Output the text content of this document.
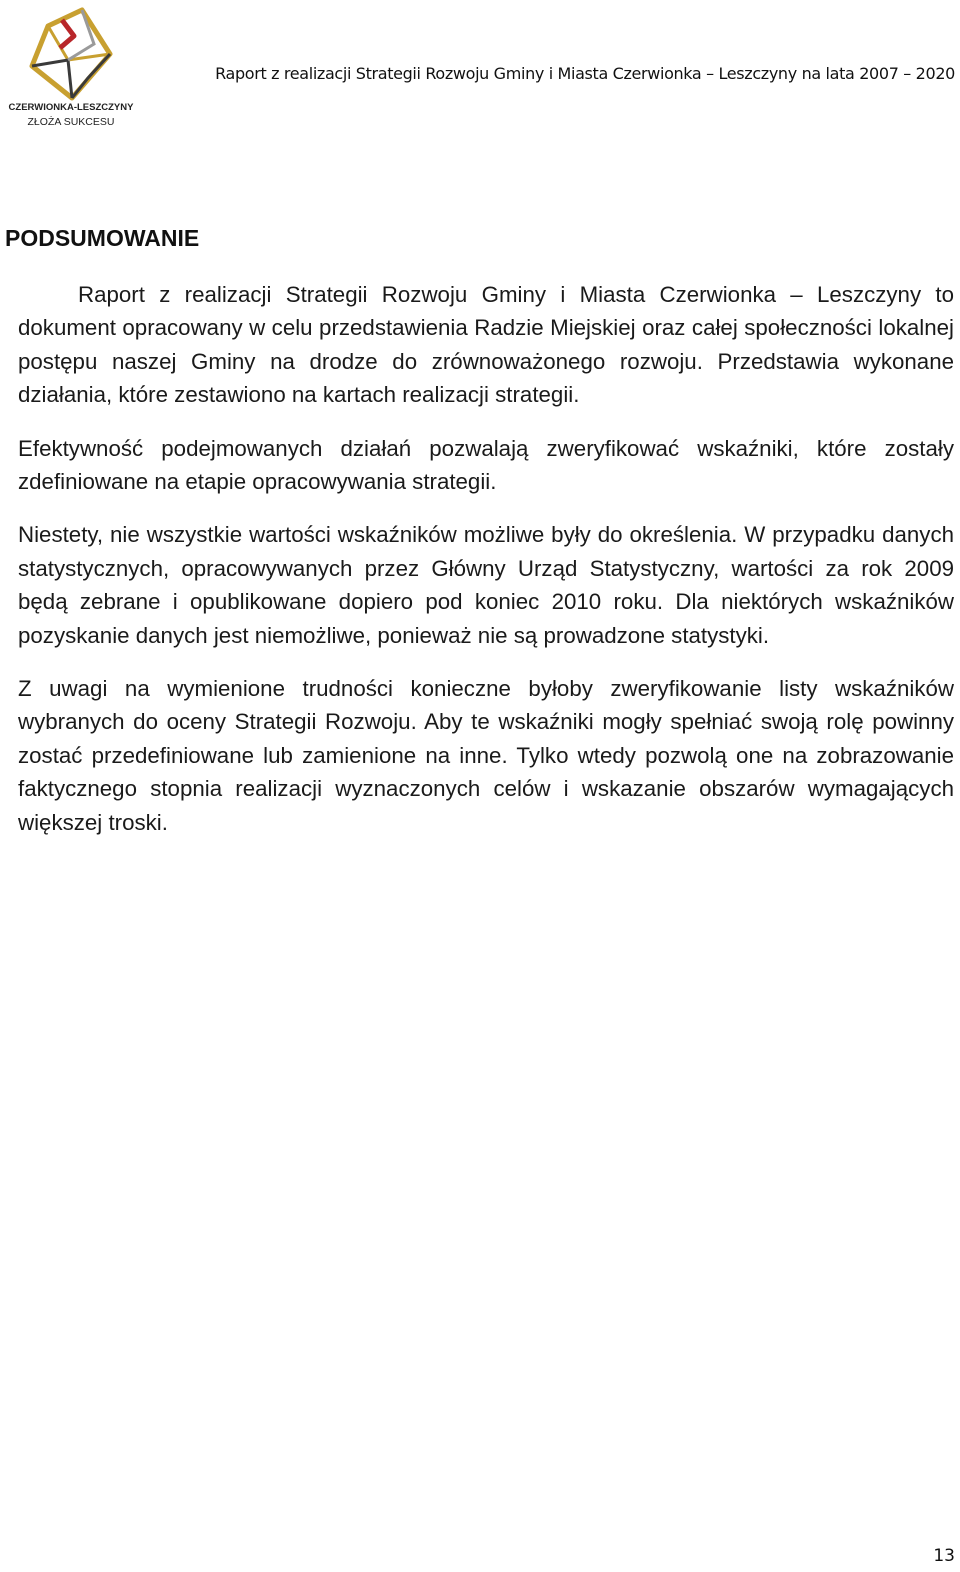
CZERWIONKA-LESZCZYNY
ZŁOŻA SUKCESU
Raport z realizacji Strategii Rozwoju Gminy i Miasta Czerwionka – Leszczyny na lata 2007 – 2020
PODSUMOWANIE

Raport z realizacji Strategii Rozwoju Gminy i Miasta Czerwionka – Leszczyny to dokument opracowany w celu przedstawienia Radzie Miejskiej oraz całej społeczności lokalnej postępu naszej Gminy na drodze do zrównoważonego rozwoju. Przedstawia wykonane działania, które zestawiono na kartach realizacji strategii.

Efektywność podejmowanych działań pozwalają zweryfikować wskaźniki, które zostały zdefiniowane na etapie opracowywania strategii.

Niestety, nie wszystkie wartości wskaźników możliwe były do określenia. W przypadku danych statystycznych, opracowywanych przez Główny Urząd Statystyczny, wartości za rok 2009 będą zebrane i opublikowane dopiero pod koniec 2010 roku. Dla niektórych wskaźników pozyskanie danych jest niemożliwe, ponieważ nie są prowadzone statystyki.

Z uwagi na wymienione trudności konieczne byłoby zweryfikowanie listy wskaźników wybranych do oceny Strategii Rozwoju. Aby te wskaźniki mogły spełniać swoją rolę powinny zostać przedefiniowane lub zamienione na inne. Tylko wtedy pozwolą one na zobrazowanie faktycznego stopnia realizacji wyznaczonych celów i wskazanie obszarów wymagających większej troski.

13
